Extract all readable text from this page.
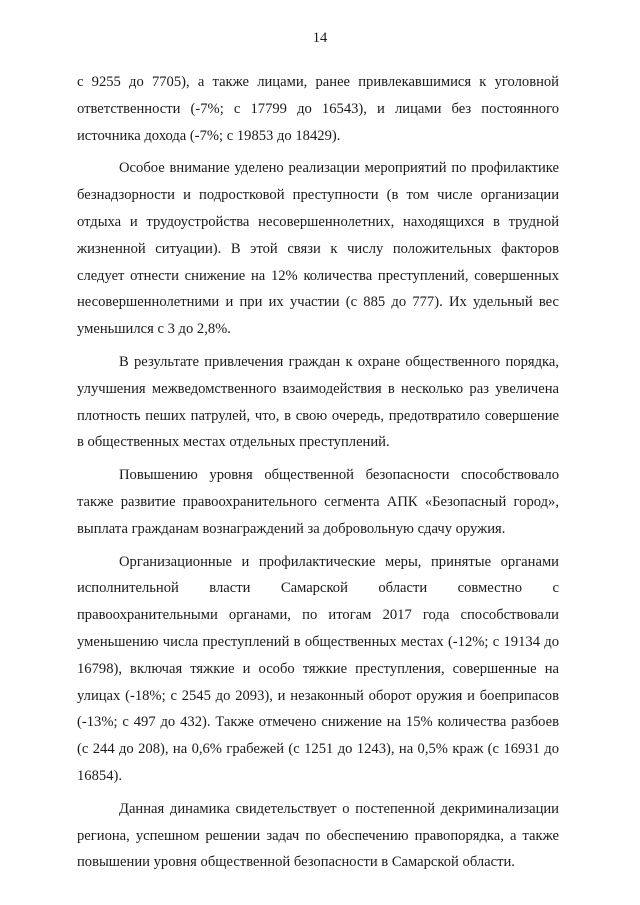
14

с 9255 до 7705), а также лицами, ранее привлекавшимися к уголовной ответственности (-7%; с 17799 до 16543), и лицами без постоянного источника дохода (-7%; с 19853 до 18429).

Особое внимание уделено реализации мероприятий по профилактике безнадзорности и подростковой преступности (в том числе организации отдыха и трудоустройства несовершеннолетних, находящихся в трудной жизненной ситуации). В этой связи к числу положительных факторов следует отнести снижение на 12% количества преступлений, совершенных несовершеннолетними и при их участии (с 885 до 777). Их удельный вес уменьшился с 3 до 2,8%.

В результате привлечения граждан к охране общественного порядка, улучшения межведомственного взаимодействия в несколько раз увеличена плотность пеших патрулей, что, в свою очередь, предотвратило совершение в общественных местах отдельных преступлений.

Повышению уровня общественной безопасности способствовало также развитие правоохранительного сегмента АПК «Безопасный город», выплата гражданам вознаграждений за добровольную сдачу оружия.

Организационные и профилактические меры, принятые органами исполнительной власти Самарской области совместно с правоохранительными органами, по итогам 2017 года способствовали уменьшению числа преступлений в общественных местах (-12%; с 19134 до 16798), включая тяжкие и особо тяжкие преступления, совершенные на улицах (-18%; с 2545 до 2093), и незаконный оборот оружия и боеприпасов (-13%; с 497 до 432). Также отмечено снижение на 15% количества разбоев (с 244 до 208), на 0,6% грабежей (с 1251 до 1243), на 0,5% краж (с 16931 до 16854).

Данная динамика свидетельствует о постепенной декриминализации региона, успешном решении задач по обеспечению правопорядка, а также повышении уровня общественной безопасности в Самарской области.
